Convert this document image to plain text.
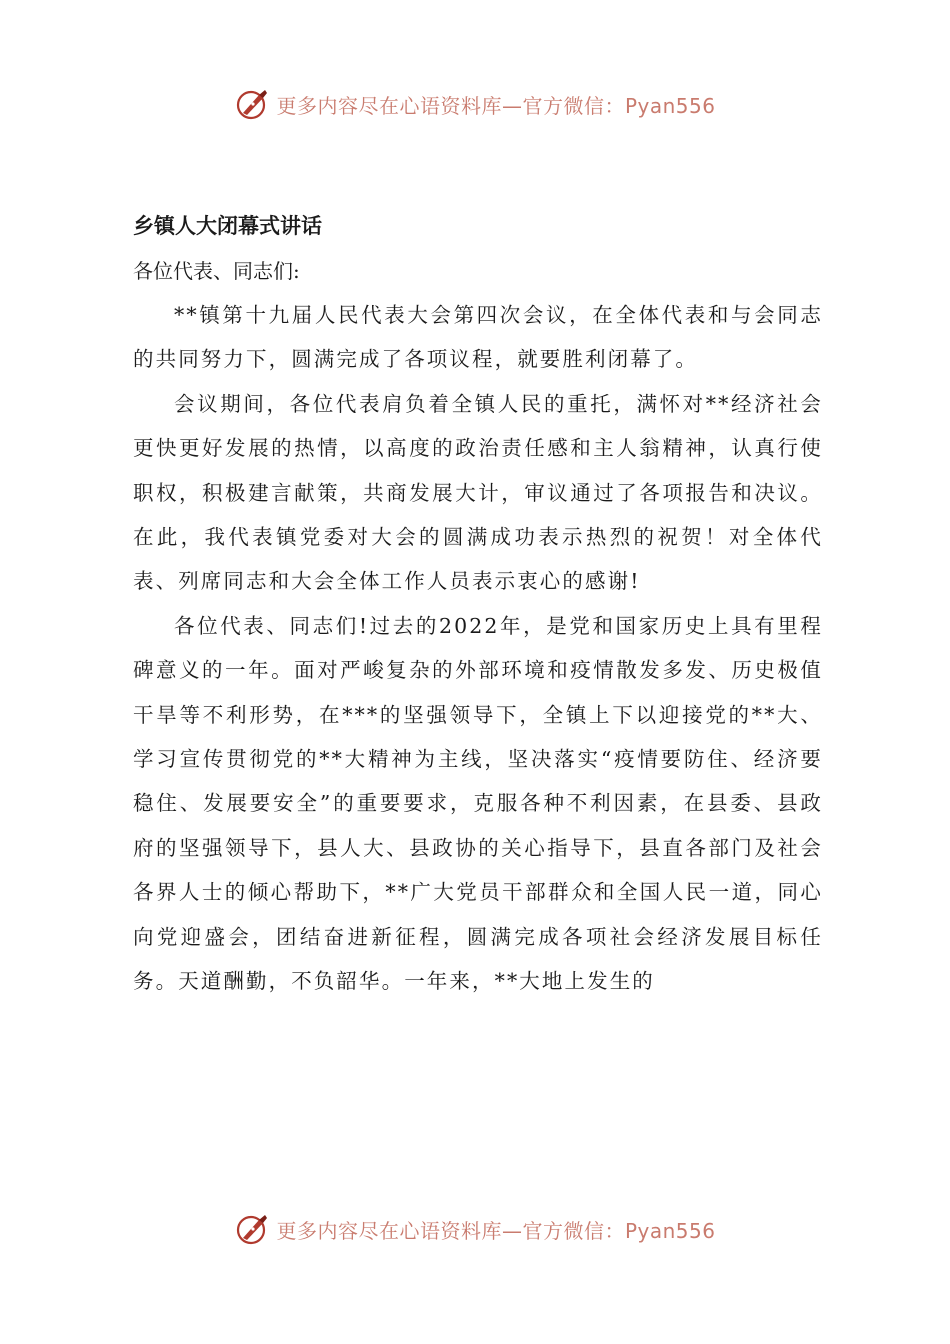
更多内容尽在心语资料库—官方微信：Pyan556
乡镇人大闭幕式讲话

各位代表、同志们:

**镇第十九届人民代表大会第四次会议，在全体代表和与会同志的共同努力下，圆满完成了各项议程，就要胜利闭幕了。

会议期间，各位代表肩负着全镇人民的重托，满怀对**经济社会更快更好发展的热情，以高度的政治责任感和主人翁精神，认真行使职权，积极建言献策，共商发展大计，审议通过了各项报告和决议。在此，我代表镇党委对大会的圆满成功表示热烈的祝贺！对全体代表、列席同志和大会全体工作人员表示衷心的感谢!

各位代表、同志们!过去的2022年，是党和国家历史上具有里程碑意义的一年。面对严峻复杂的外部环境和疫情散发多发、历史极值干旱等不利形势，在***的坚强领导下，全镇上下以迎接党的**大、学习宣传贯彻党的**大精神为主线，坚决落实“疫情要防住、经济要稳住、发展要安全”的重要要求，克服各种不利因素，在县委、县政府的坚强领导下，县人大、县政协的关心指导下，县直各部门及社会各界人士的倾心帮助下，**广大党员干部群众和全国人民一道，同心向党迎盛会，团结奋进新征程，圆满完成各项社会经济发展目标任务。天道酬勤，不负韶华。一年来，**大地上发生的

更多内容尽在心语资料库—官方微信：Pyan556
